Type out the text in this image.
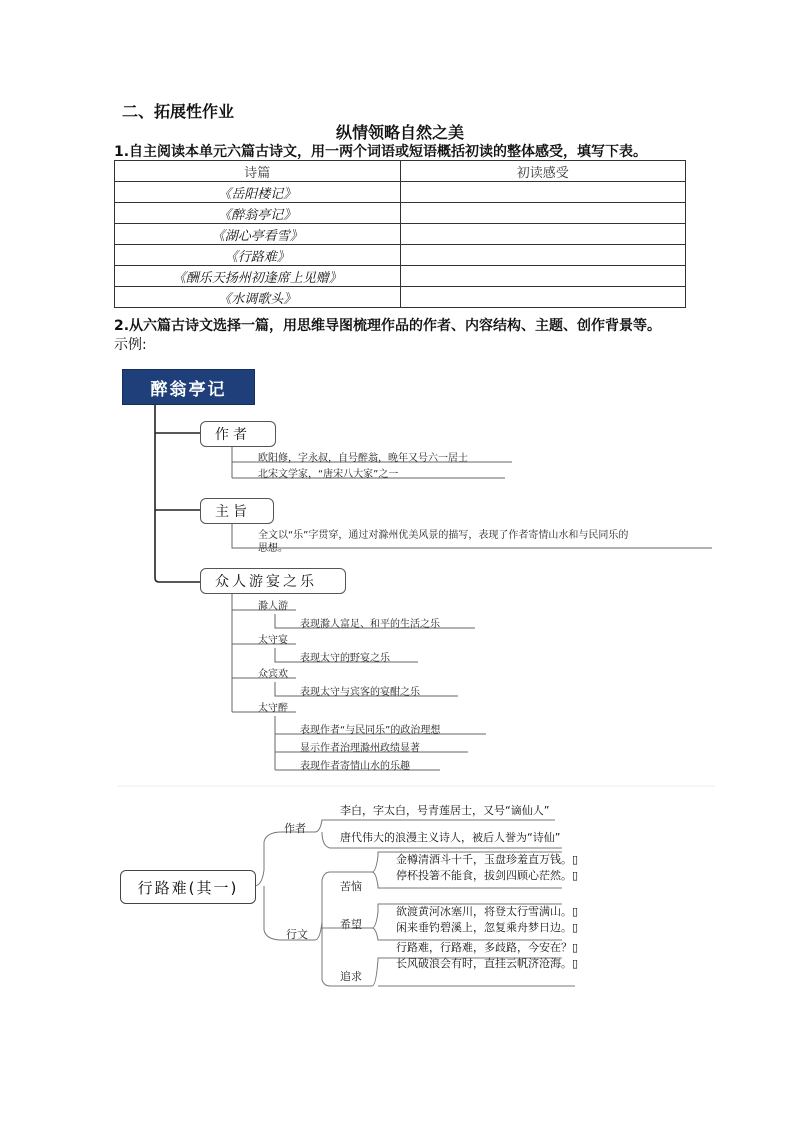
二、拓展性作业
纵情领略自然之美
1.自主阅读本单元六篇古诗文，用一两个词语或短语概括初读的整体感受，填写下表。
诗篇	初读感受
《岳阳楼记》	
《醉翁亭记》	
《湖心亭看雪》	
《行路难》	
《酬乐天扬州初逢席上见赠》	
《水调歌头》	
2.从六篇古诗文选择一篇，用思维导图梳理作品的作者、内容结构、主题、创作背景等。
示例:
醉翁亭记
作者
欧阳修，字永叔，自号醉翁，晚年又号六一居士
北宋文学家，“唐宋八大家”之一
主旨
全文以“乐”字贯穿，通过对滁州优美风景的描写，表现了作者寄情山水和与民同乐的
思想。
众人游宴之乐
滁人游
表现滁人富足、和平的生活之乐
太守宴
表现太守的野宴之乐
众宾欢
表现太守与宾客的宴酣之乐
太守醉
表现作者“与民同乐”的政治理想
显示作者治理滁州政绩显著
表现作者寄情山水的乐趣
行路难(其一)
作者
李白，字太白，号青莲居士，又号“谪仙人”
唐代伟大的浪漫主义诗人，被后人誉为“诗仙”
行文
苦恼
金樽清酒斗十千，玉盘珍羞直万钱。▯
停杯投箸不能食，拔剑四顾心茫然。▯
希望
欲渡黄河冰塞川，将登太行雪满山。▯
闲来垂钓碧溪上，忽复乘舟梦日边。▯
追求
行路难，行路难，多歧路，今安在？▯
长风破浪会有时，直挂云帆济沧海。▯
